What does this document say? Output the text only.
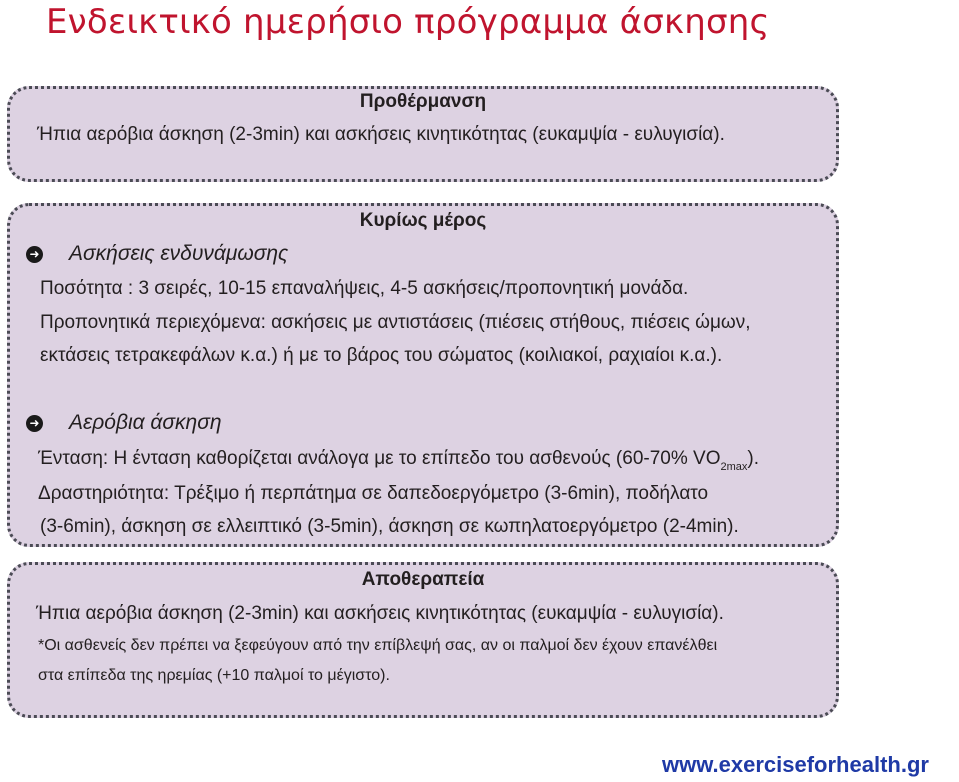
Ενδεικτικό ημερήσιο πρόγραμμα άσκησης
Προθέρμανση
Ήπια αερόβια άσκηση (2-3min) και ασκήσεις κινητικότητας (ευκαμψία - ευλυγισία).
Κυρίως μέρος
➜ Ασκήσεις ενδυνάμωσης
Ποσότητα : 3 σειρές, 10-15 επαναλήψεις, 4-5 ασκήσεις/προπονητική μονάδα.
Προπονητικά περιεχόμενα: ασκήσεις με αντιστάσεις (πιέσεις στήθους, πιέσεις ώμων,
εκτάσεις τετρακεφάλων κ.α.) ή με το βάρος του σώματος (κοιλιακοί, ραχιαίοι κ.α.).
➜ Αερόβια άσκηση
Ένταση: Η ένταση καθορίζεται ανάλογα με το επίπεδο του ασθενούς (60-70% $VO_{2max}$).
Δραστηριότητα: Τρέξιμο ή περπάτημα σε δαπεδοεργόμετρο (3-6min), ποδήλατο
(3-6min), άσκηση σε ελλειπτικό (3-5min), άσκηση σε κωπηλατοεργόμετρο (2-4min).
Αποθεραπεία
Ήπια αερόβια άσκηση (2-3min) και ασκήσεις κινητικότητας (ευκαμψία - ευλυγισία).
*Οι ασθενείς δεν πρέπει να ξεφεύγουν από την επίβλεψή σας, αν οι παλμοί δεν έχουν επανέλθει
στα επίπεδα της ηρεμίας (+10 παλμοί το μέγιστο).
www.exerciseforhealth.gr
